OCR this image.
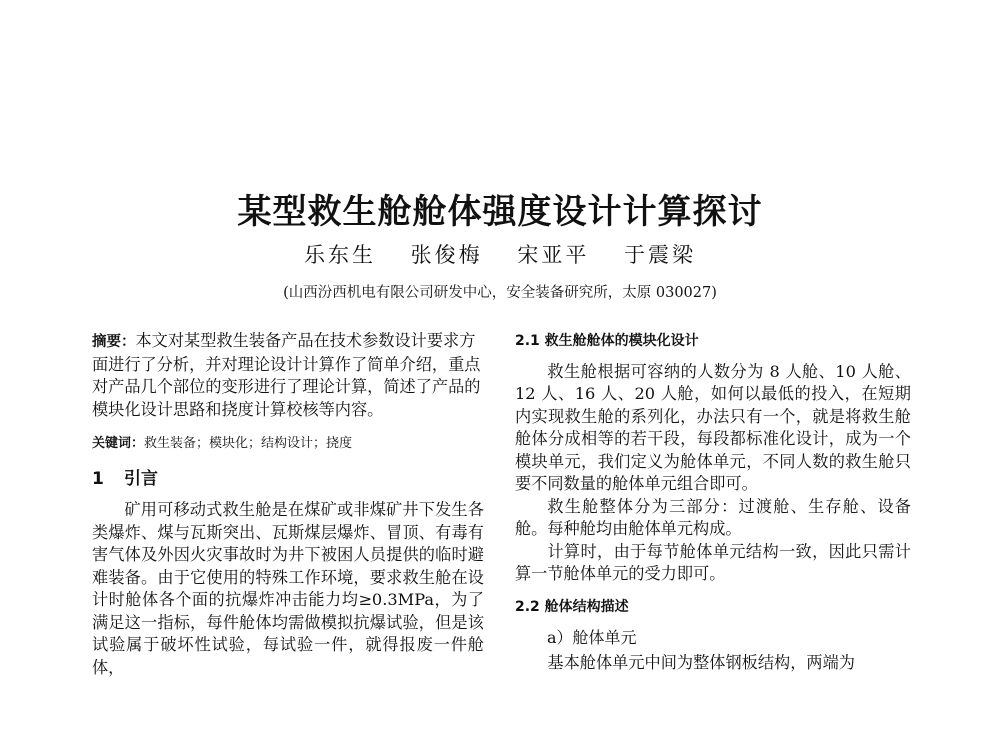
某型救生舱舱体强度设计计算探讨
乐东生 张俊梅 宋亚平 于震梁

(山西汾西机电有限公司研发中心，安全装备研究所，太原 030027)

摘要：本文对某型救生装备产品在技术参数设计要求方面进行了分析，并对理论设计计算作了简单介绍，重点对产品几个部位的变形进行了理论计算，简述了产品的模块化设计思路和挠度计算校核等内容。

关键词：救生装备；模块化；结构设计；挠度

1 引言

矿用可移动式救生舱是在煤矿或非煤矿井下发生各类爆炸、煤与瓦斯突出、瓦斯煤层爆炸、冒顶、有毒有害气体及外因火灾事故时为井下被困人员提供的临时避难装备。由于它使用的特殊工作环境，要求救生舱在设计时舱体各个面的抗爆炸冲击能力均≥0.3MPa，为了满足这一指标，每件舱体均需做模拟抗爆试验，但是该试验属于破坏性试验，每试验一件，就得报废一件舱体，

2.1 救生舱舱体的模块化设计

救生舱根据可容纳的人数分为 8 人舱、10 人舱、12 人、16 人、20 人舱，如何以最低的投入，在短期内实现救生舱的系列化，办法只有一个，就是将救生舱舱体分成相等的若干段，每段都标准化设计，成为一个模块单元，我们定义为舱体单元，不同人数的救生舱只要不同数量的舱体单元组合即可。

救生舱整体分为三部分：过渡舱、生存舱、设备舱。每种舱均由舱体单元构成。

计算时，由于每节舱体单元结构一致，因此只需计算一节舱体单元的受力即可。

2.2 舱体结构描述

a）舱体单元

基本舱体单元中间为整体钢板结构，两端为
